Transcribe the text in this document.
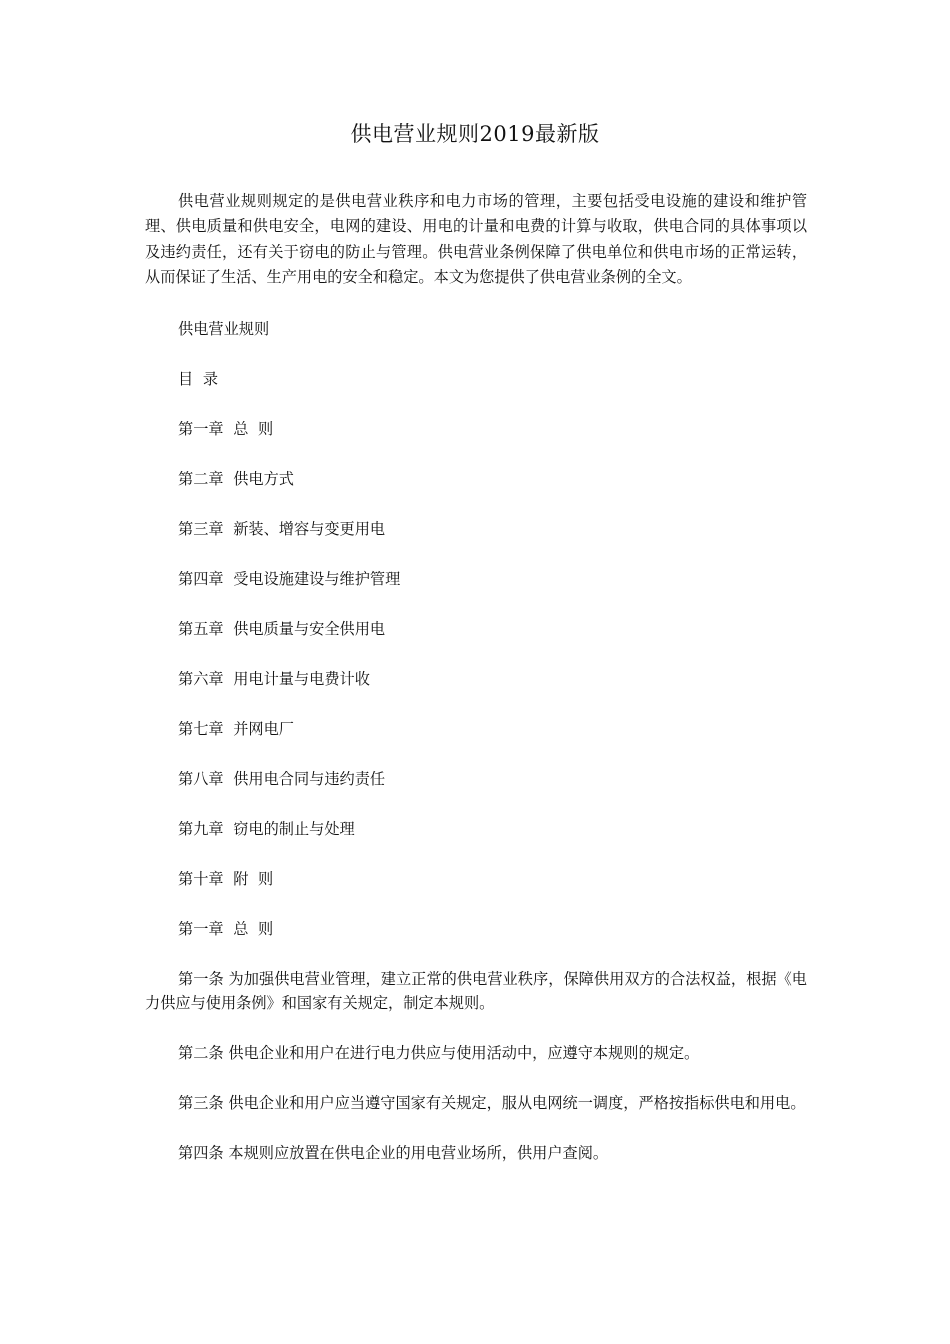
供电营业规则2019最新版

供电营业规则规定的是供电营业秩序和电力市场的管理，主要包括受电设施的建设和维护管理、供电质量和供电安全，电网的建设、用电的计量和电费的计算与收取，供电合同的具体事项以及违约责任，还有关于窃电的防止与管理。供电营业条例保障了供电单位和供电市场的正常运转，从而保证了生活、生产用电的安全和稳定。本文为您提供了供电营业条例的全文。

供电营业规则

目  录

第一章  总  则

第二章  供电方式

第三章  新装、增容与变更用电

第四章  受电设施建设与维护管理

第五章  供电质量与安全供用电

第六章  用电计量与电费计收

第七章  并网电厂

第八章  供用电合同与违约责任

第九章  窃电的制止与处理

第十章  附  则

第一章  总  则

第一条 为加强供电营业管理，建立正常的供电营业秩序，保障供用双方的合法权益，根据《电力供应与使用条例》和国家有关规定，制定本规则。

第二条 供电企业和用户在进行电力供应与使用活动中，应遵守本规则的规定。

第三条 供电企业和用户应当遵守国家有关规定，服从电网统一调度，严格按指标供电和用电。

第四条 本规则应放置在供电企业的用电营业场所，供用户查阅。
